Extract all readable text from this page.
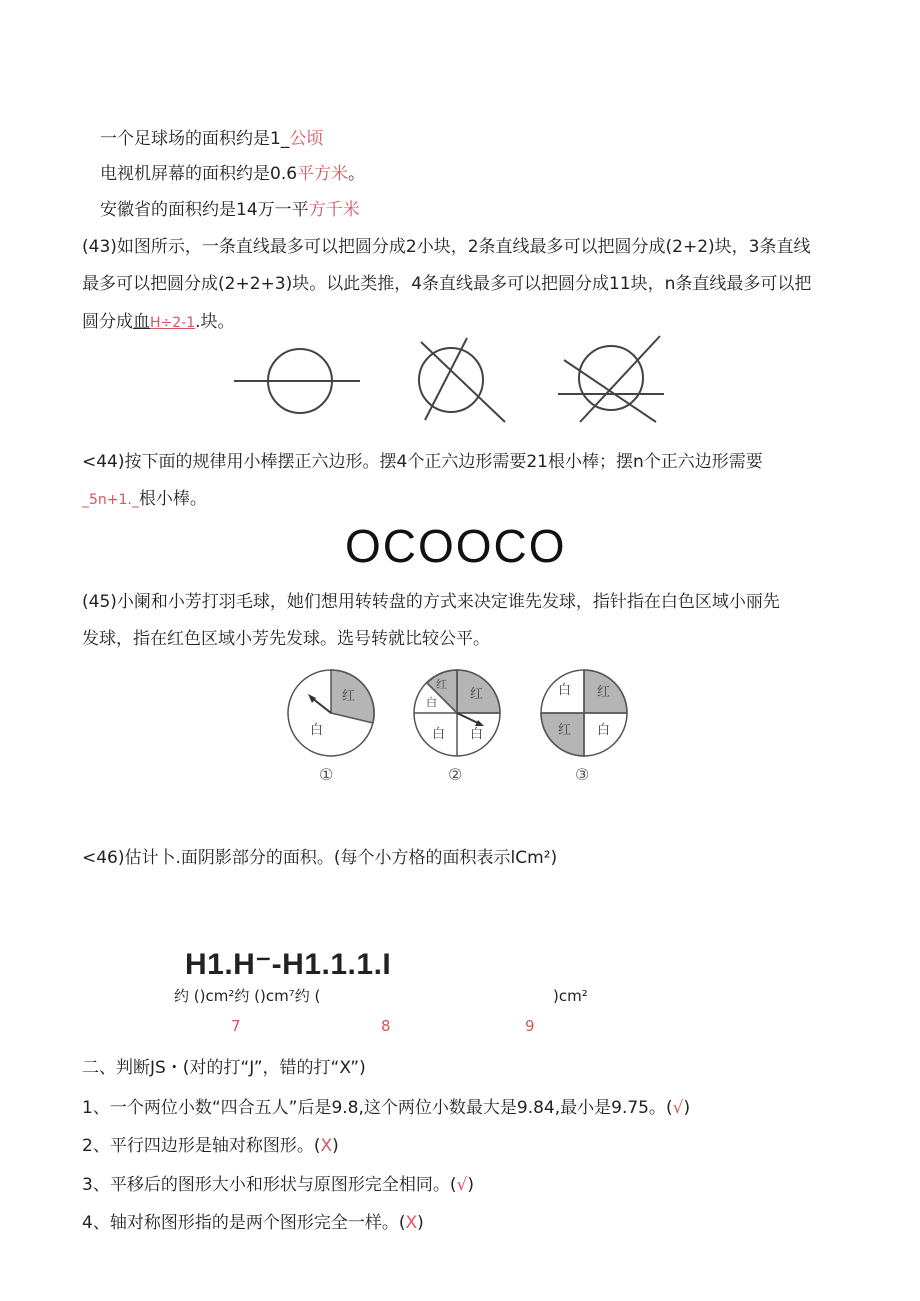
一个足球场的面积约是1_公顷
电视机屏幕的面积约是0.6平方米。
安徽省的面积约是14万一平方千米
(43)如图所示，一条直线最多可以把圆分成2小块，2条直线最多可以把圆分成(2+2)块，3条直线
最多可以把圆分成(2+2+3)块。以此类推，4条直线最多可以把圆分成11块，n条直线最多可以把
圆分成血H÷2-1.块。
<44)按下面的规律用小棒摆正六边形。摆4个正六边形需要21根小棒；摆n个正六边形需要
_5n+1._根小棒。
OCOOCO
(45)小阑和小芳打羽毛球，她们想用转转盘的方式来决定谁先发球，指针指在白色区域小丽先
发球，指在红色区域小芳先发球。选号转就比较公平。
红
白
①
红
红
白
白 白
②
白 红
红 白
③
<46)估计卜.面阴影部分的面积。(每个小方格的面积表示lCm²)
H1.H⁻-H1.1.1.I
约 ()cm²约 ()cm⁷约 (	)cm²
7	8	9
二、判断JS・(对的打“J”，错的打“X”)
1、一个两位小数“四合五人”后是9.8,这个两位小数最大是9.84,最小是9.75。(√)
2、平行四边形是轴对称图形。(X)
3、平移后的图形大小和形状与原图形完全相同。(√)
4、轴对称图形指的是两个图形完全一样。(X)
